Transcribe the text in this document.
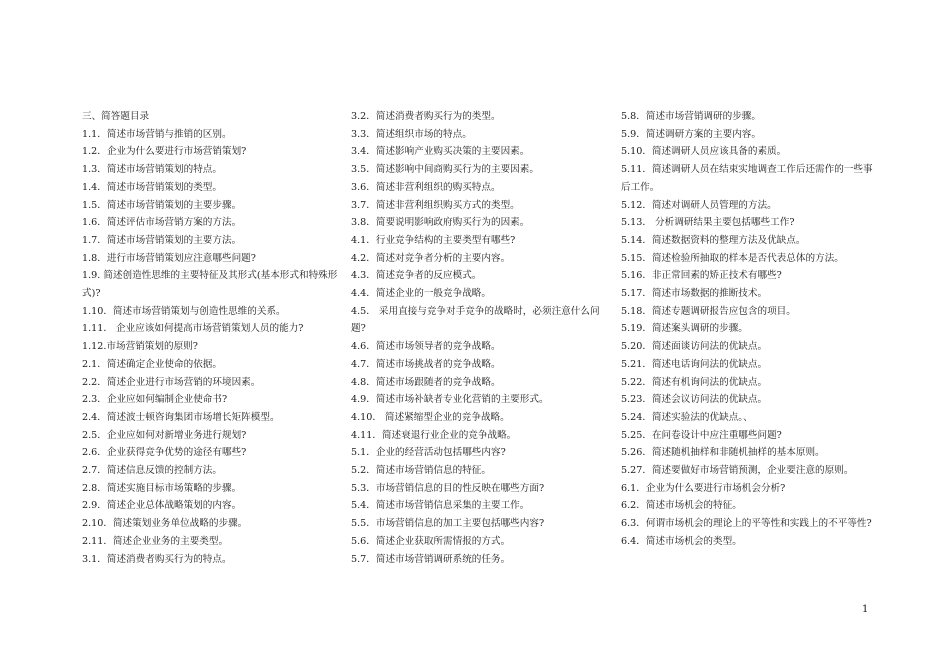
三、简答题目录
1.1．简述市场营销与推销的区别。
1.2．企业为什么要进行市场营销策划?
1.3．简述市场营销策划的特点。
1.4．简述市场营销策划的类型。
1.5．简述市场营销策划的主要步骤。
1.6．简述评估市场营销方案的方法。
1.7．简述市场营销策划的主要方法。
1.8．进行市场营销策划应注意哪些问题?
1.9. 简述创造性思维的主要特征及其形式(基本形式和特殊形式)?
1.10．简述市场营销策划与创造性思维的关系。
1.11． 企业应该如何提高市场营销策划人员的能力?
1.12.市场营销策划的原则?
2.1．简述确定企业使命的依据。
2.2．简述企业进行市场营销的环境因素。
2.3．企业应如何编制企业使命书?
2.4．简述波士顿咨询集团市场增长矩阵模型。
2.5．企业应如何对新增业务进行规划?
2.6．企业获得竞争优势的途径有哪些?
2.7．简述信息反馈的控制方法。
2.8．简述实施目标市场策略的步骤。
2.9．简述企业总体战略策划的内容。
2.10．简述策划业务单位战略的步骤。
2.11．简述企业业务的主要类型。
3.1．简述消费者购买行为的特点。
3.2．简述消费者购买行为的类型。
3.3．简述组织市场的特点。
3.4．简述影响产业购买决策的主要因素。
3.5．简述影响中间商购买行为的主要因素。
3.6．简述非营利组织的购买特点。
3.7．简述非营利组织购买方式的类型。
3.8．简要说明影响政府购买行为的因素。
4.1．行业竞争结构的主要类型有哪些?
4.2．简述对竞争者分析的主要内容。
4.3．简述竞争者的反应模式。
4.4．简述企业的一般竞争战略。
4.5． 采用直接与竞争对手竞争的战略时，必须注意什么问题?
4.6．简述市场领导者的竞争战略。
4.7．简述市场挑战者的竞争战略。
4.8．简述市场跟随者的竞争战略。
4.9．简述市场补缺者专业化营销的主要形式。
4.10． 简述紧缩型企业的竞争战略。
4.11．简述衰退行业企业的竞争战略。
5.1．企业的经营活动包括哪些内容?
5.2．简述市场营销信息的特征。
5.3．市场营销信息的目的性反映在哪些方面?
5.4．简述市场营销信息采集的主要工作。
5.5．市场营销信息的加工主要包括哪些内容?
5.6．简述企业获取所需情报的方式。
5.7．简述市场营销调研系统的任务。
5.8．简述市场营销调研的步骤。
5.9．简述调研方案的主要内容。
5.10．简述调研人员应该具备的素质。
5.11．简述调研人员在结束实地调查工作后还需作的一些事后工作。
5.12．简述对调研人员管理的方法。
5.13． 分析调研结果主要包括哪些工作?
5.14．简述数据资料的整理方法及优缺点。
5.15．简述检验所抽取的样本是否代表总体的方法。
5.16．非正常回素的矫正技术有哪些?
5.17．简述市场数据的推断技术。
5.18．简述专题调研报告应包含的项目。
5.19．简述案头调研的步骤。
5.20．简述面谈访问法的优缺点。
5.21．简述电话询问法的优缺点。
5.22．简述有机询问法的优缺点。
5.23．简述会议访问法的优缺点。
5.24．简述实验法的优缺点。、
5.25．在问卷设计中应注重哪些问题?
5.26．简述随机抽样和非随机抽样的基本原则。
5.27．简述要做好市场营销预测，企业要注意的原则。
6.1．企业为什么要进行市场机会分析?
6.2．简述市场机会的特征。
6.3．何谓市场机会的理论上的平等性和实践上的不平等性?
6.4．简述市场机会的类型。
1
